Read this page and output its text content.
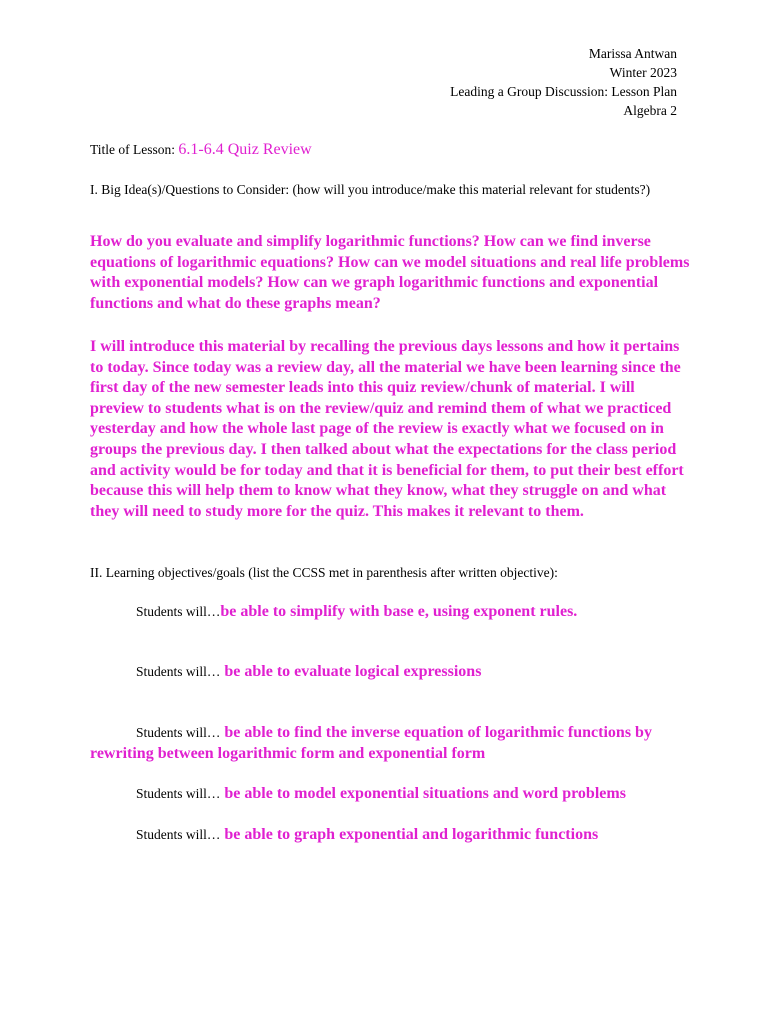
Marissa Antwan
Winter 2023
Leading a Group Discussion: Lesson Plan
Algebra 2
Title of Lesson: 6.1-6.4 Quiz Review
I. Big Idea(s)/Questions to Consider: (how will you introduce/make this material relevant for students?)
How do you evaluate and simplify logarithmic functions? How can we find inverse equations of logarithmic equations? How can we model situations and real life problems with exponential models? How can we graph logarithmic functions and exponential functions and what do these graphs mean?
I will introduce this material by recalling the previous days lessons and how it pertains to today. Since today was a review day, all the material we have been learning since the first day of the new semester leads into this quiz review/chunk of material. I will preview to students what is on the review/quiz and remind them of what we practiced yesterday and how the whole last page of the review is exactly what we focused on in groups the previous day. I then talked about what the expectations for the class period and activity would be for today and that it is beneficial for them, to put their best effort because this will help them to know what they know, what they struggle on and what they will need to study more for the quiz. This makes it relevant to them.
II. Learning objectives/goals (list the CCSS met in parenthesis after written objective):
Students will…be able to simplify with base e, using exponent rules.
Students will… be able to evaluate logical expressions
Students will… be able to find the inverse equation of logarithmic functions by rewriting between logarithmic form and exponential form
Students will… be able to model exponential situations and word problems
Students will… be able to graph exponential and logarithmic functions
